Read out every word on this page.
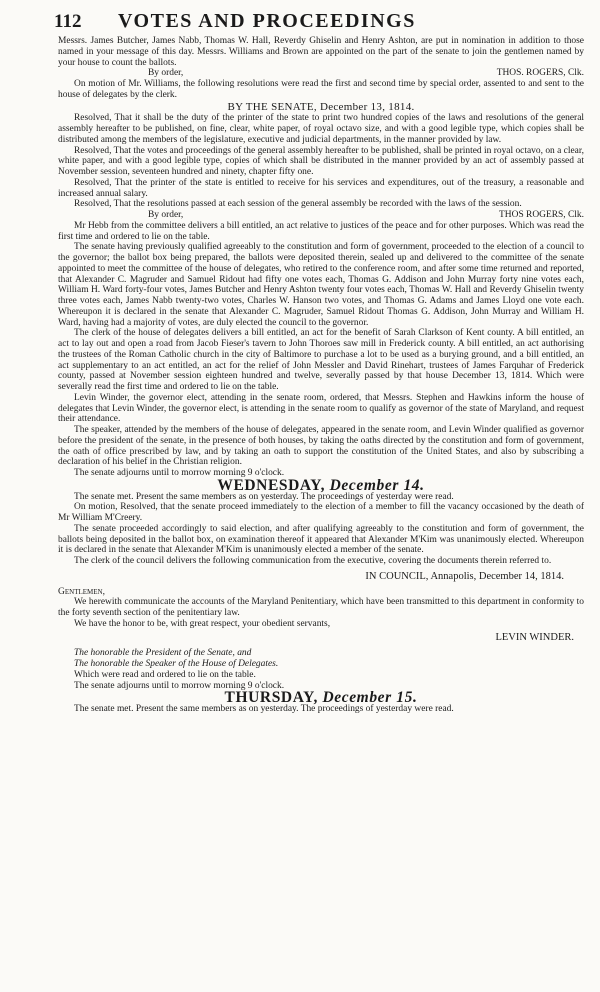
112	VOTES AND PROCEEDINGS

Messrs. James Butcher, James Nabb, Thomas W. Hall, Reverdy Ghiselin and Henry Ashton, are put in nomination in addition to those named in your message of this day. Messrs. Williams and Brown are appointed on the part of the senate to join the gentlemen named by your house to count the ballots.

By order,	THOS. ROGERS, Clk.

On motion of Mr. Williams, the following resolutions were read the first and second time by special order, assented to and sent to the house of delegates by the clerk.

BY THE SENATE, December 13, 1814.

Resolved, That it shall be the duty of the printer of the state to print two hundred copies of the laws and resolutions of the general assembly hereafter to be published, on fine, clear, white paper, of royal octavo size, and with a good legible type, which copies shall be distributed among the members of the legislature, executive and judicial departments, in the manner provided by law.

Resolved, That the votes and proceedings of the general assembly hereafter to be published, shall be printed in royal octavo, on a clear, white paper, and with a good legible type, copies of which shall be distributed in the manner provided by an act of assembly passed at November session, seventeen hundred and ninety, chapter fifty one.

Resolved, That the printer of the state is entitled to receive for his services and expenditures, out of the treasury, a reasonable and increased annual salary.

Resolved, That the resolutions passed at each session of the general assembly be recorded with the laws of the session.

By order,	THOS ROGERS, Clk.

Mr Hebb from the committee delivers a bill entitled, an act relative to justices of the peace and for other purposes. Which was read the first time and ordered to lie on the table.

The senate having previously qualified agreeably to the constitution and form of government, proceeded to the election of a council to the governor; the ballot box being prepared, the ballots were deposited therein, sealed up and delivered to the committee of the senate appointed to meet the committee of the house of delegates, who retired to the conference room, and after some time returned and reported, that Alexander C. Magruder and Samuel Ridout had fifty one votes each, Thomas G. Addison and John Murray forty nine votes each, William H. Ward forty-four votes, James Butcher and Henry Ashton twenty four votes each, Thomas W. Hall and Reverdy Ghiselin twenty three votes each, James Nabb twenty-two votes, Charles W. Hanson two votes, and Thomas G. Adams and James Lloyd one vote each. Whereupon it is declared in the senate that Alexander C. Magruder, Samuel Ridout Thomas G. Addison, John Murray and William H. Ward, having had a majority of votes, are duly elected the council to the governor.

The clerk of the house of delegates delivers a bill entitled, an act for the benefit of Sarah Clarkson of Kent county. A bill entitled, an act to lay out and open a road from Jacob Fieser's tavern to John Thoroes saw mill in Frederick county. A bill entitled, an act authorising the trustees of the Roman Catholic church in the city of Baltimore to purchase a lot to be used as a burying ground, and a bill entitled, an act supplementary to an act entitled, an act for the relief of John Messler and David Rinehart, trustees of James Farquhar of Frederick county, passed at November session eighteen hundred and twelve, severally passed by that house December 13, 1814. Which were severally read the first time and ordered to lie on the table.

Levin Winder, the governor elect, attending in the senate room, ordered, that Messrs. Stephen and Hawkins inform the house of delegates that Levin Winder, the governor elect, is attending in the senate room to qualify as governor of the state of Maryland, and request their attendance.

The speaker, attended by the members of the house of delegates, appeared in the senate room, and Levin Winder qualified as governor before the president of the senate, in the presence of both houses, by taking the oaths directed by the constitution and form of government, the oath of office prescribed by law, and by taking an oath to support the constitution of the United States, and also by subscribing a declaration of his belief in the Christian religion.

The senate adjourns until to morrow morning 9 o'clock.

WEDNESDAY, December 14.

The senate met. Present the same members as on yesterday. The proceedings of yesterday were read.

On motion, Resolved, that the senate proceed immediately to the election of a member to fill the vacancy occasioned by the death of Mr William M'Creery.

The senate proceeded accordingly to said election, and after qualifying agreeably to the constitution and form of government, the ballots being deposited in the ballot box, on examination thereof it appeared that Alexander M'Kim was unanimously elected. Whereupon it is declared in the senate that Alexander M'Kim is unanimously elected a member of the senate.

The clerk of the council delivers the following communication from the executive, covering the documents therein referred to.

IN COUNCIL, Annapolis, December 14, 1814.
Gentlemen,

We herewith communicate the accounts of the Maryland Penitentiary, which have been transmitted to this department in conformity to the forty seventh section of the penitentiary law.

We have the honor to be, with great respect, your obedient servants,

LEVIN WINDER.

The honorable the President of the Senate, and

The honorable the Speaker of the House of Delegates.

Which were read and ordered to lie on the table.

The senate adjourns until to morrow morning 9 o'clock.

THURSDAY, December 15.

The senate met. Present the same members as on yesterday. The proceedings of yesterday were read.
